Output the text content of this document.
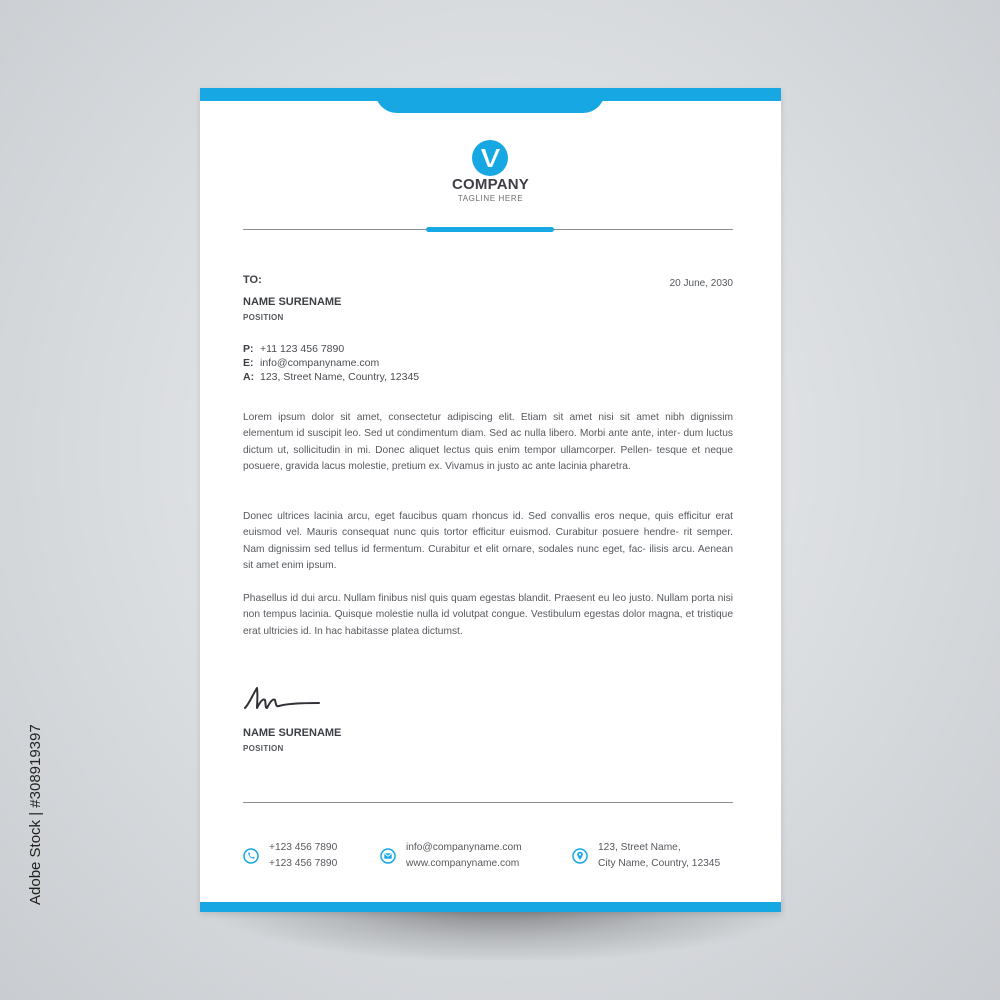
COMPANY
TAGLINE HERE
TO:	20 June, 2030
NAME SURENAME
POSITION
P: +11 123 456 7890
E: info@companyname.com
A: 123, Street Name, Country, 12345
Lorem ipsum dolor sit amet, consectetur adipiscing elit. Etiam sit amet nisi sit amet nibh dignissim elementum id suscipit leo. Sed ut condimentum diam. Sed ac nulla libero. Morbi ante ante, inter- dum luctus dictum ut, sollicitudin in mi. Donec aliquet lectus quis enim tempor ullamcorper. Pellen- tesque et neque posuere, gravida lacus molestie, pretium ex. Vivamus in justo ac ante lacinia pharetra.
Donec ultrices lacinia arcu, eget faucibus quam rhoncus id. Sed convallis eros neque, quis efficitur erat euismod vel. Mauris consequat nunc quis tortor efficitur euismod. Curabitur posuere hendre- rit semper. Nam dignissim sed tellus id fermentum. Curabitur et elit ornare, sodales nunc eget, fac- ilisis arcu. Aenean sit amet enim ipsum.
Phasellus id dui arcu. Nullam finibus nisl quis quam egestas blandit. Praesent eu leo justo. Nullam porta nisi non tempus lacinia. Quisque molestie nulla id volutpat congue. Vestibulum egestas dolor magna, et tristique erat ultricies id. In hac habitasse platea dictumst.
NAME SURENAME
POSITION
+123 456 7890
+123 456 7890
info@companyname.com
www.companyname.com
123, Street Name,
City Name, Country, 12345
Adobe Stock | #308919397
